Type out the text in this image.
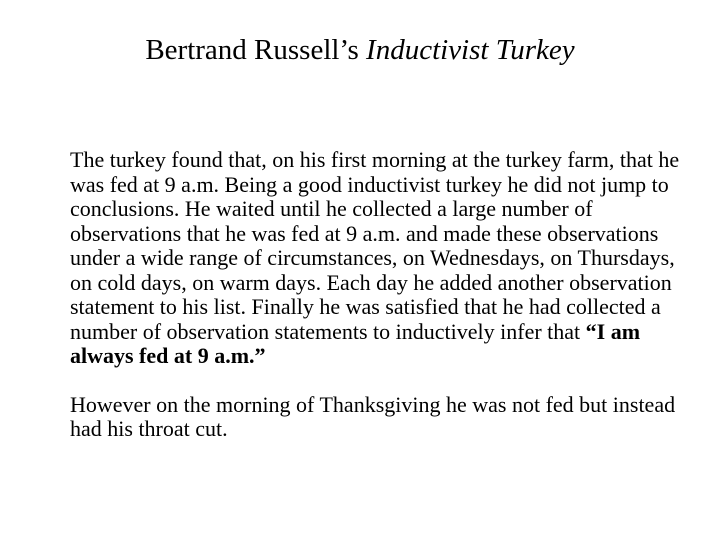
Bertrand Russell’s Inductivist Turkey

The turkey found that, on his first morning at the turkey farm, that he was fed at 9 a.m. Being a good inductivist turkey he did not jump to conclusions. He waited until he collected a large number of observations that he was fed at 9 a.m. and made these observations under a wide range of circumstances, on Wednesdays, on Thursdays, on cold days, on warm days. Each day he added another observation statement to his list. Finally he was satisfied that he had collected a number of observation statements to inductively infer that “I am always fed at 9 a.m.”

However on the morning of Thanksgiving he was not fed but instead had his throat cut.
